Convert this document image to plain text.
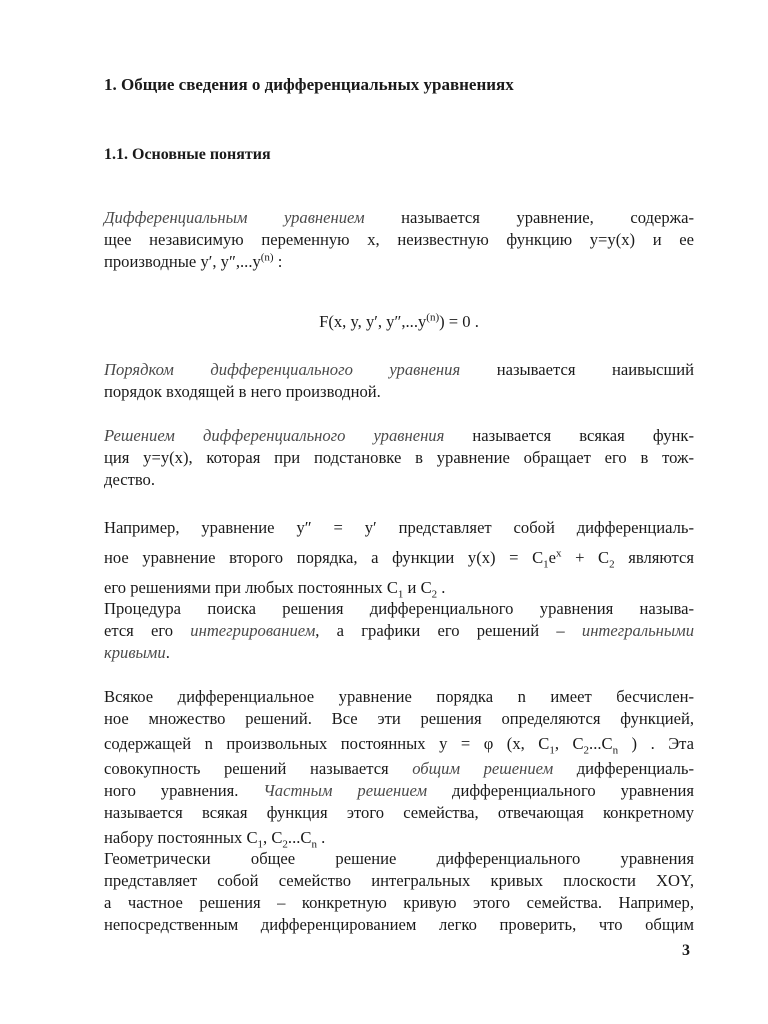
1. Общие сведения о дифференциальных уравнениях
1.1. Основные понятия
Дифференциальным уравнением называется уравнение, содержа-
щее независимую переменную x, неизвестную функцию y=y(x) и ее
производные y′, $y'',...y^{(n)}$ :
F(x, y, y′, $y'',...y^{(n)}) = 0$ .
Порядком дифференциального уравнения называется наивысший
порядок входящей в него производной.
Решением дифференциального уравнения называется всякая функ-
ция y=y(x), которая при подстановке в уравнение обращает его в тож-
дество.
Например, уравнение y″ = y′ представляет собой дифференциаль-
ное уравнение второго порядка, а функции $y(x) = C_1e^x + C_2$ являются
его решениями при любых постоянных $C_1$ и $C_2$ .
Процедура поиска решения дифференциального уравнения называ-
ется его интегрированием, а графики его решений – интегральными
кривыми.
Всякое дифференциальное уравнение порядка n имеет бесчислен-
ное множество решений. Все эти решения определяются функцией,
содержащей n произвольных постоянных y = φ (x, $C_1$, $C_2...C_n$ ) . Эта
совокупность решений называется общим решением дифференциаль-
ного уравнения. Частным решением дифференциального уравнения
называется всякая функция этого семейства, отвечающая конкретному
набору постоянных $C_1$, $C_2...C_n$ .
Геометрически общее решение дифференциального уравнения
представляет собой семейство интегральных кривых плоскости XOY,
а частное решения – конкретную кривую этого семейства. Например,
непосредственным дифференцированием легко проверить, что общим
3
